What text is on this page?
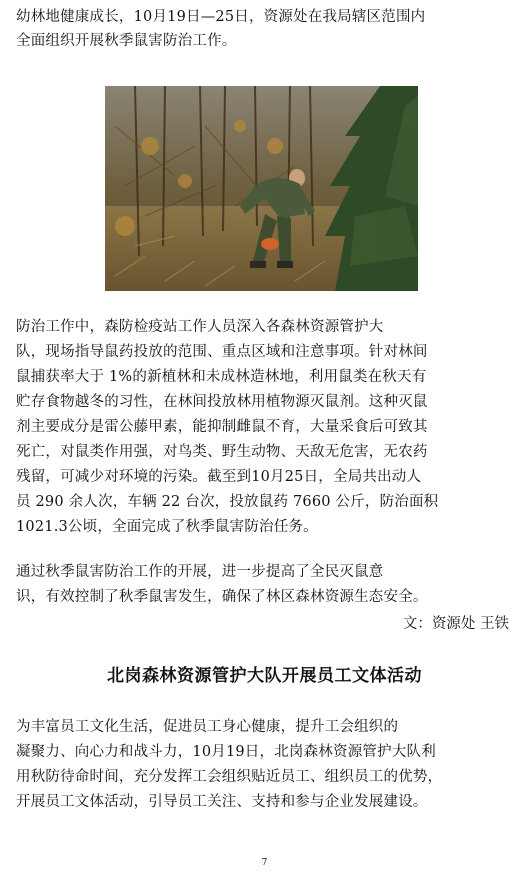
幼林地健康成长，10月19日—25日，资源处在我局辖区范围内
全面组织开展秋季鼠害防治工作。
防治工作中，森防检疫站工作人员深入各森林资源管护大
队，现场指导鼠药投放的范围、重点区域和注意事项。针对林间
鼠捕获率大于 1%的新植林和未成林造林地，利用鼠类在秋天有
贮存食物越冬的习性，在林间投放林用植物源灭鼠剂。这种灭鼠
剂主要成分是雷公藤甲素，能抑制雌鼠不育，大量采食后可致其
死亡，对鼠类作用强，对鸟类、野生动物、天敌无危害，无农药
残留，可减少对环境的污染。截至到10月25日，全局共出动人
员 290 余人次，车辆 22 台次，投放鼠药 7660 公斤，防治面积
1021.3公顷，全面完成了秋季鼠害防治任务。
通过秋季鼠害防治工作的开展，进一步提高了全民灭鼠意
识，有效控制了秋季鼠害发生，确保了林区森林资源生态安全。
文：资源处 王铁
北岗森林资源管护大队开展员工文体活动
为丰富员工文化生活，促进员工身心健康，提升工会组织的
凝聚力、向心力和战斗力，10月19日，北岗森林资源管护大队利
用秋防待命时间，充分发挥工会组织贴近员工、组织员工的优势，
开展员工文体活动，引导员工关注、支持和参与企业发展建设。
7
